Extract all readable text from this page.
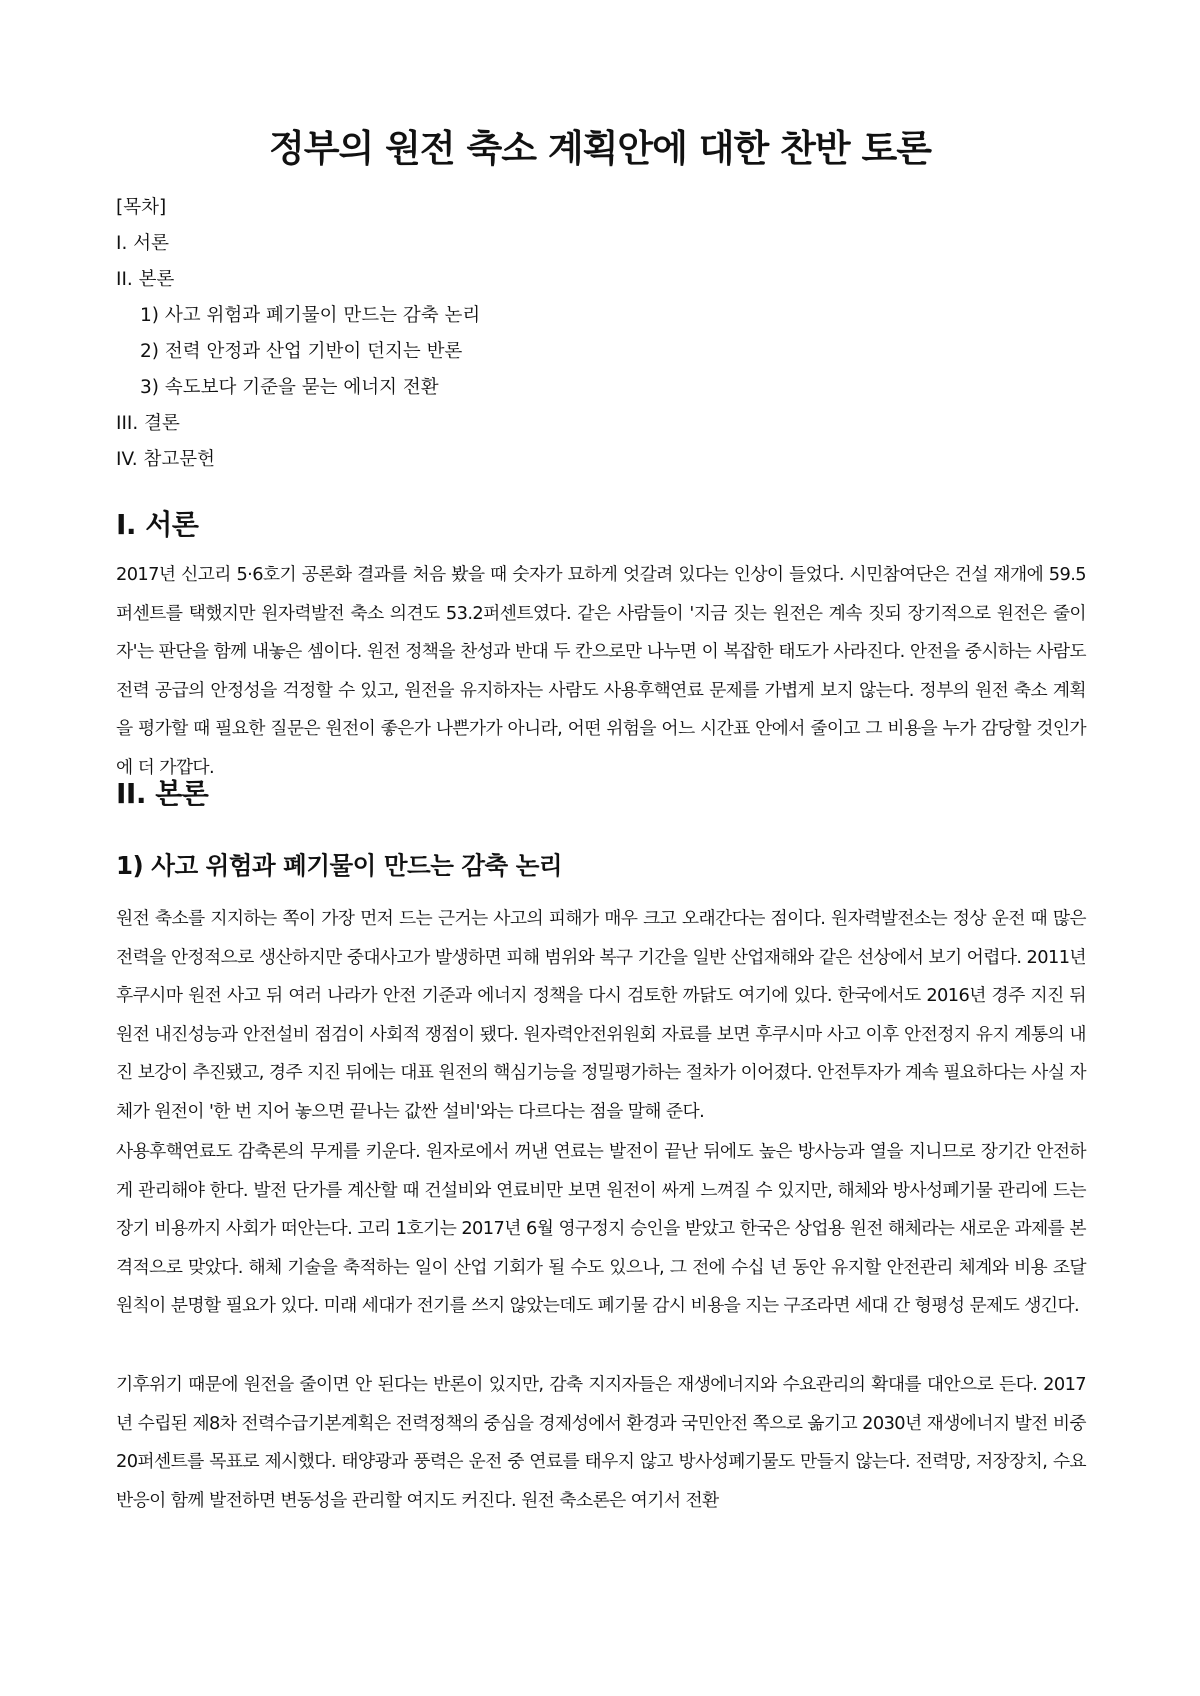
정부의 원전 축소 계획안에 대한 찬반 토론
[목차]
I. 서론
II. 본론
1) 사고 위험과 폐기물이 만드는 감축 논리
2) 전력 안정과 산업 기반이 던지는 반론
3) 속도보다 기준을 묻는 에너지 전환
III. 결론
IV. 참고문헌
I. 서론

2017년 신고리 5·6호기 공론화 결과를 처음 봤을 때 숫자가 묘하게 엇갈려 있다는 인상이 들었다. 시민참여단은 건설 재개에 59.5퍼센트를 택했지만 원자력발전 축소 의견도 53.2퍼센트였다. 같은 사람들이 '지금 짓는 원전은 계속 짓되 장기적으로 원전은 줄이자'는 판단을 함께 내놓은 셈이다. 원전 정책을 찬성과 반대 두 칸으로만 나누면 이 복잡한 태도가 사라진다. 안전을 중시하는 사람도 전력 공급의 안정성을 걱정할 수 있고, 원전을 유지하자는 사람도 사용후핵연료 문제를 가볍게 보지 않는다. 정부의 원전 축소 계획을 평가할 때 필요한 질문은 원전이 좋은가 나쁜가가 아니라, 어떤 위험을 어느 시간표 안에서 줄이고 그 비용을 누가 감당할 것인가에 더 가깝다.

II. 본론
1) 사고 위험과 폐기물이 만드는 감축 논리

원전 축소를 지지하는 쪽이 가장 먼저 드는 근거는 사고의 피해가 매우 크고 오래간다는 점이다. 원자력발전소는 정상 운전 때 많은 전력을 안정적으로 생산하지만 중대사고가 발생하면 피해 범위와 복구 기간을 일반 산업재해와 같은 선상에서 보기 어렵다. 2011년 후쿠시마 원전 사고 뒤 여러 나라가 안전 기준과 에너지 정책을 다시 검토한 까닭도 여기에 있다. 한국에서도 2016년 경주 지진 뒤 원전 내진성능과 안전설비 점검이 사회적 쟁점이 됐다. 원자력안전위원회 자료를 보면 후쿠시마 사고 이후 안전정지 유지 계통의 내진 보강이 추진됐고, 경주 지진 뒤에는 대표 원전의 핵심기능을 정밀평가하는 절차가 이어졌다. 안전투자가 계속 필요하다는 사실 자체가 원전이 '한 번 지어 놓으면 끝나는 값싼 설비'와는 다르다는 점을 말해 준다.

사용후핵연료도 감축론의 무게를 키운다. 원자로에서 꺼낸 연료는 발전이 끝난 뒤에도 높은 방사능과 열을 지니므로 장기간 안전하게 관리해야 한다. 발전 단가를 계산할 때 건설비와 연료비만 보면 원전이 싸게 느껴질 수 있지만, 해체와 방사성폐기물 관리에 드는 장기 비용까지 사회가 떠안는다. 고리 1호기는 2017년 6월 영구정지 승인을 받았고 한국은 상업용 원전 해체라는 새로운 과제를 본격적으로 맞았다. 해체 기술을 축적하는 일이 산업 기회가 될 수도 있으나, 그 전에 수십 년 동안 유지할 안전관리 체계와 비용 조달 원칙이 분명할 필요가 있다. 미래 세대가 전기를 쓰지 않았는데도 폐기물 감시 비용을 지는 구조라면 세대 간 형평성 문제도 생긴다.

기후위기 때문에 원전을 줄이면 안 된다는 반론이 있지만, 감축 지지자들은 재생에너지와 수요관리의 확대를 대안으로 든다. 2017년 수립된 제8차 전력수급기본계획은 전력정책의 중심을 경제성에서 환경과 국민안전 쪽으로 옮기고 2030년 재생에너지 발전 비중 20퍼센트를 목표로 제시했다. 태양광과 풍력은 운전 중 연료를 태우지 않고 방사성폐기물도 만들지 않는다. 전력망, 저장장치, 수요반응이 함께 발전하면 변동성을 관리할 여지도 커진다. 원전 축소론은 여기서 전환
